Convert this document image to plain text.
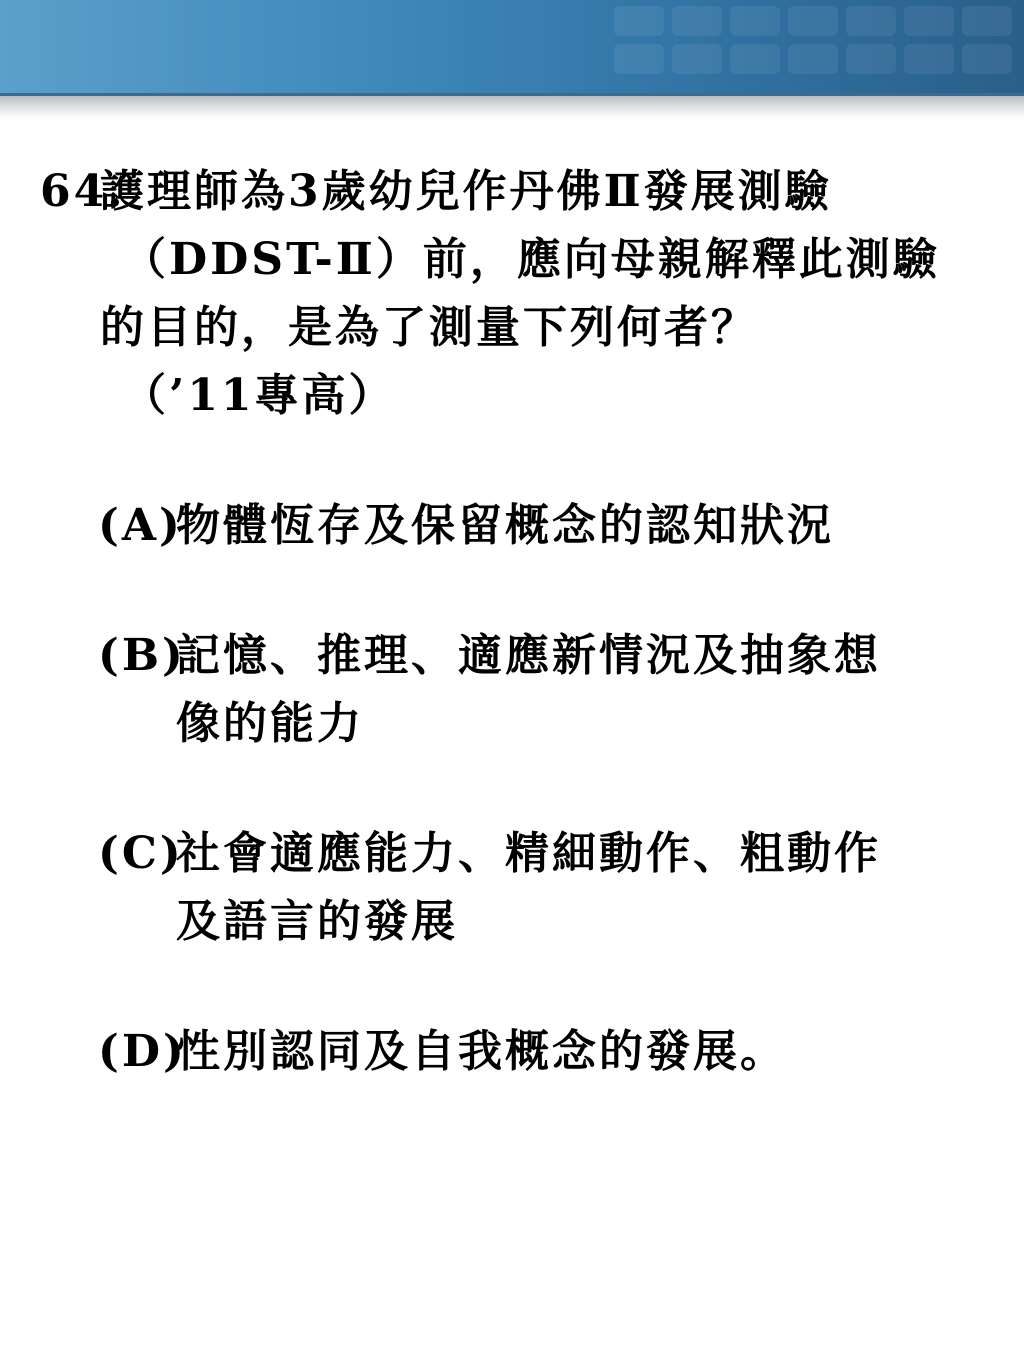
64.
護理師為3歲幼兒作丹佛Ⅱ發展測驗
（DDST-Ⅱ）前，應向母親解釋此測驗
的目的，是為了測量下列何者？
（’11專高）
(A)
物體恆存及保留概念的認知狀況
(B)
記憶、推理、適應新情況及抽象想
像的能力
(C)
社會適應能力、精細動作、粗動作
及語言的發展
(D)
性別認同及自我概念的發展。
